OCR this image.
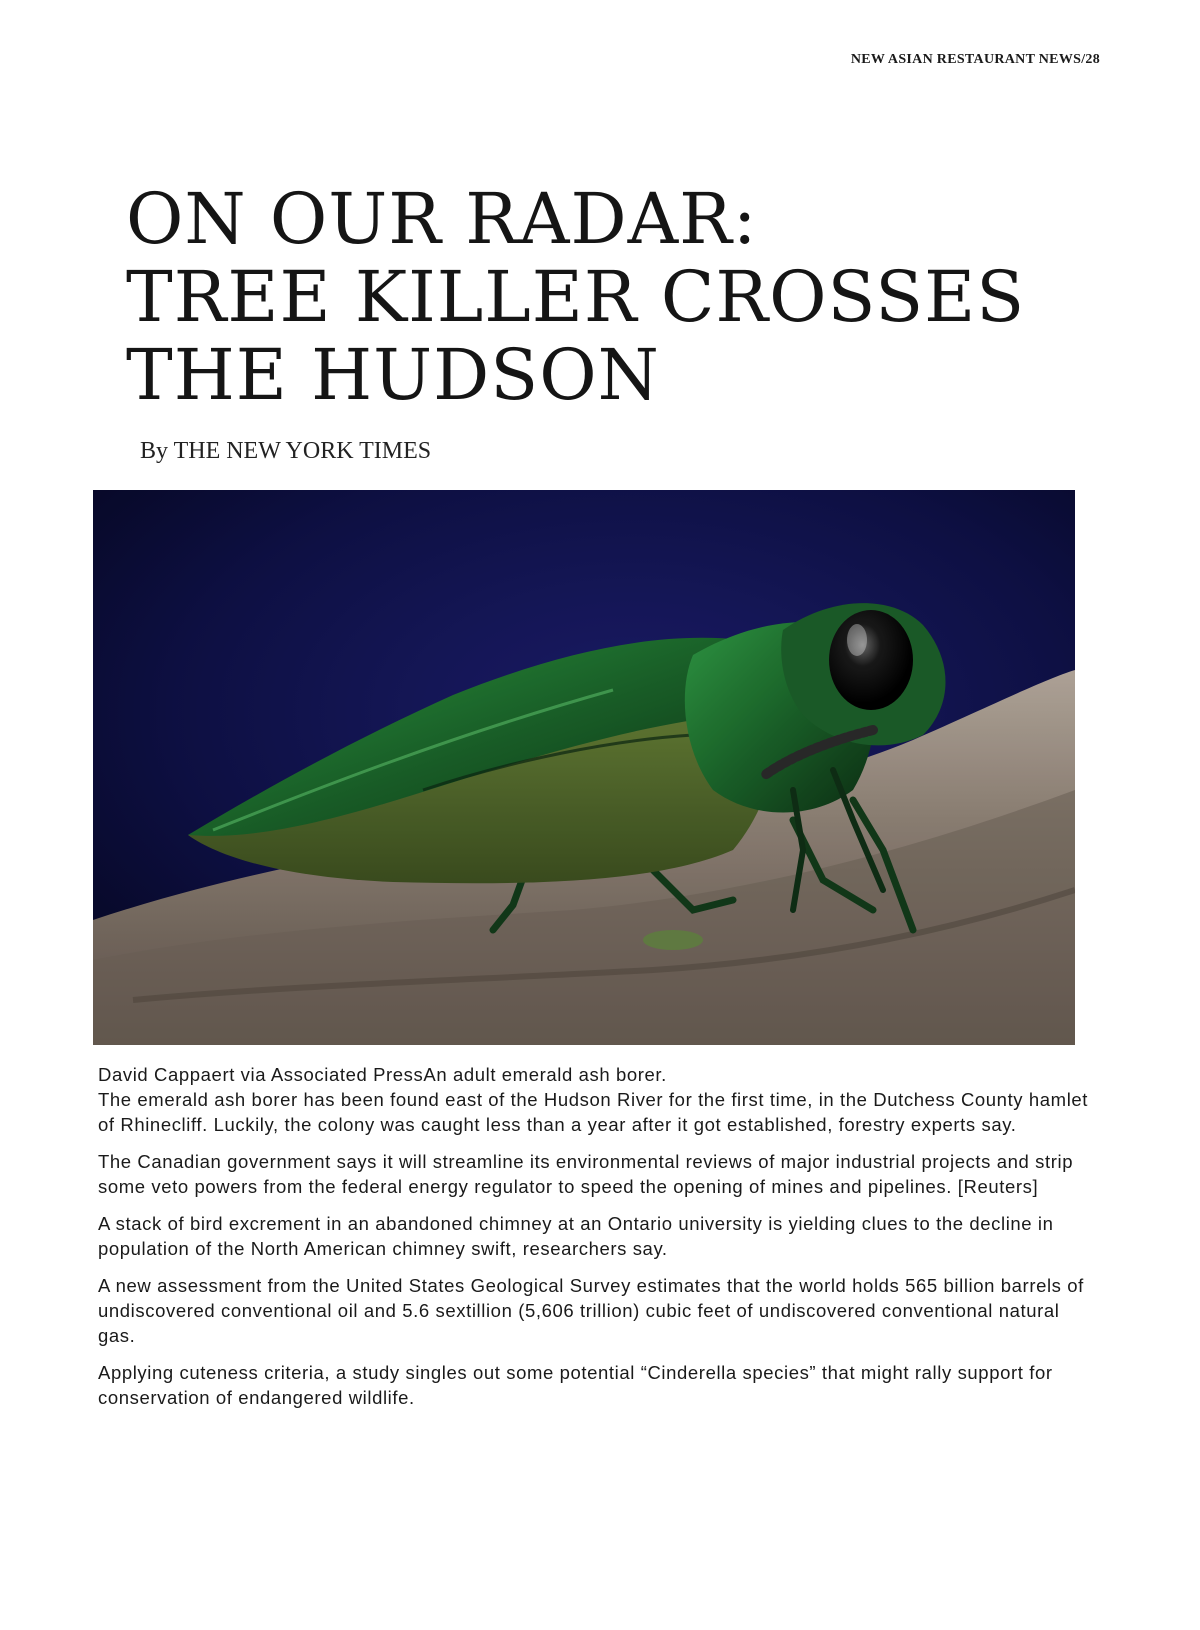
NEW ASIAN RESTAURANT NEWS/28
ON OUR RADAR:
TREE KILLER CROSSES
THE HUDSON
By THE NEW YORK TIMES

David Cappaert via Associated PressAn adult emerald ash borer.

The emerald ash borer has been found east of the Hudson River for the first time, in the Dutchess County hamlet of Rhinecliff. Luckily, the colony was caught less than a year after it got established, forestry experts say.

The Canadian government says it will streamline its environmental reviews of major industrial projects and strip some veto powers from the federal energy regulator to speed the opening of mines and pipelines. [Reuters]

A stack of bird excrement in an abandoned chimney at an Ontario university is yielding clues to the decline in population of the North American chimney swift, researchers say.

A new assessment from the United States Geological Survey estimates that the world holds 565 billion barrels of undiscovered conventional oil and 5.6 sextillion (5,606 trillion) cubic feet of undiscovered conventional natural gas.

Applying cuteness criteria, a study singles out some potential “Cinderella species” that might rally support for conservation of endangered wildlife.
